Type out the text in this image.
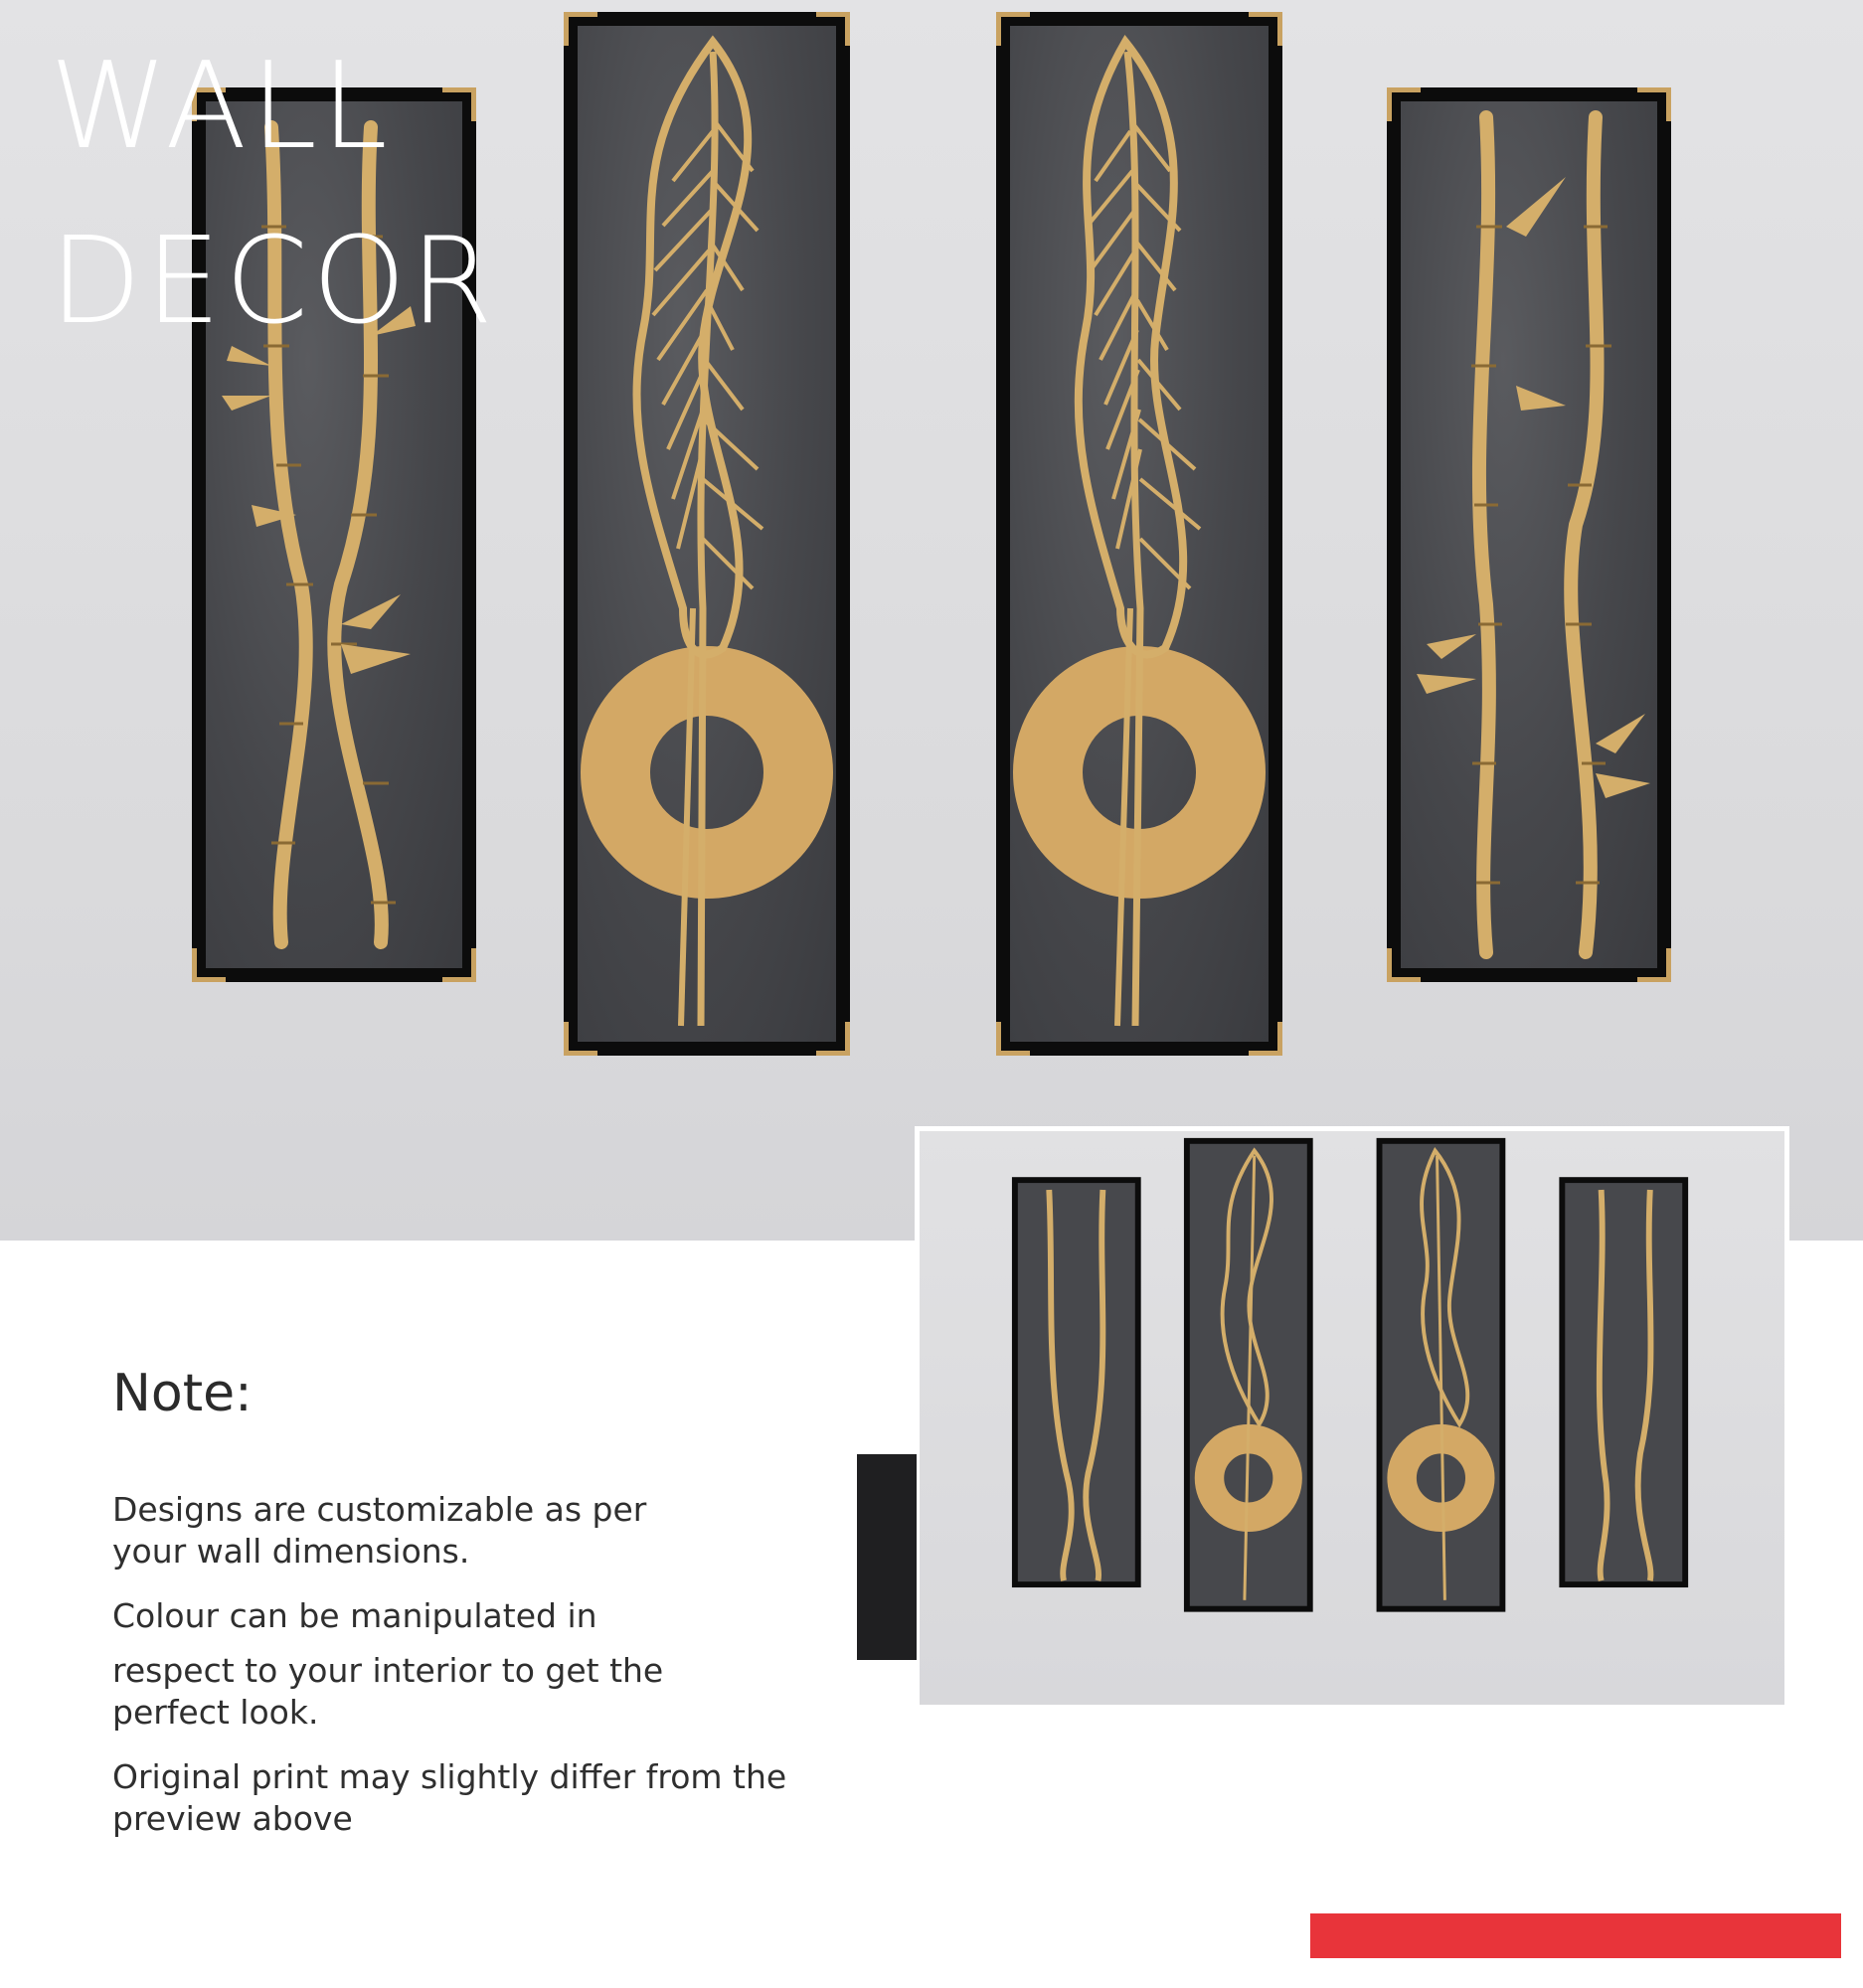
WALL
DECOR
Note:

Designs are customizable as per

your wall dimensions.

Colour can be manipulated in

respect to your interior to get the

perfect look.

Original print may slightly differ from the

preview above
